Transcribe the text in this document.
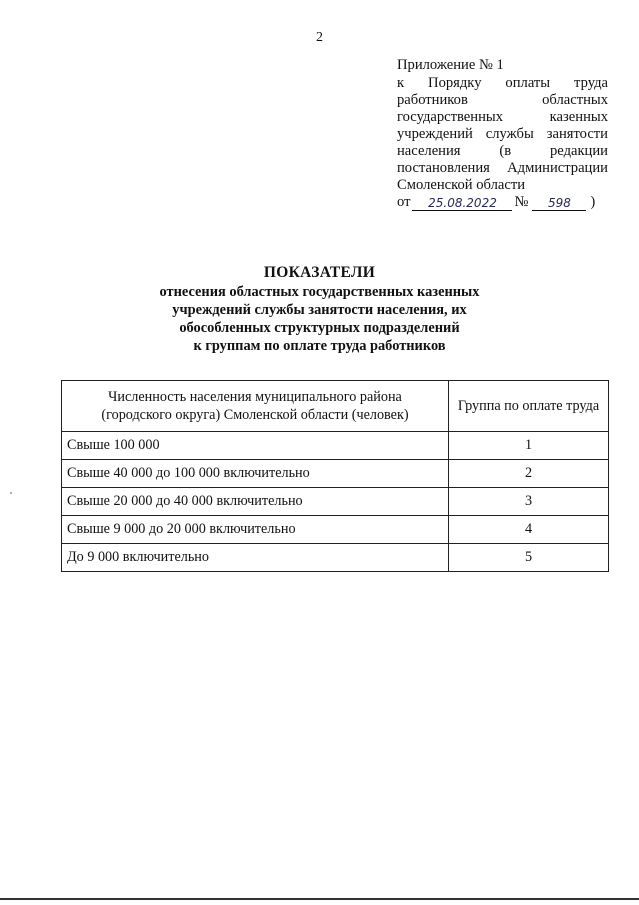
2
Приложение № 1
к Порядку оплаты труда
работников областных
государственных казенных
учреждений службы занятости
населения (в редакции
постановления Администрации
Смоленской области
от	25.08.2022	№	598	)
ПОКАЗАТЕЛИ
отнесения областных государственных казенных
учреждений службы занятости населения, их
обособленных структурных подразделений
к группам по оплате труда работников
Численность населения муниципального района
(городского округа) Смоленской области (человек)	Группа по оплате труда
Свыше 100 000	1
Свыше 40 000 до 100 000 включительно	2
Свыше 20 000 до 40 000 включительно	3
Свыше 9 000 до 20 000 включительно	4
До 9 000 включительно	5
